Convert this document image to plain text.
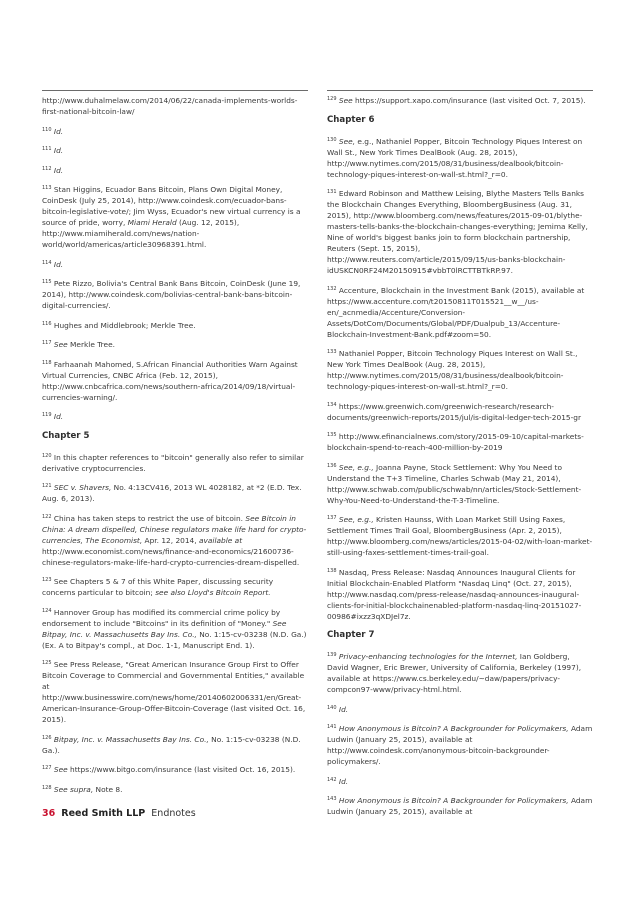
http://www.duhalmelaw.com/2014/06/22/canada-implements-worlds-first-national-bitcoin-law/
$^{110}$ Id.
$^{111}$ Id.
$^{112}$ Id.
$^{113}$ Stan Higgins, Ecuador Bans Bitcoin, Plans Own Digital Money, CoinDesk (July 25, 2014), http://www.coindesk.com/ecuador-bans-bitcoin-legislative-vote/; Jim Wyss, Ecuador's new virtual currency is a source of pride, worry, Miami Herald (Aug. 12, 2015), http://www.miamiherald.com/news/nation-world/world/americas/article30968391.html.
$^{114}$ Id.
$^{115}$ Pete Rizzo, Bolivia's Central Bank Bans Bitcoin, CoinDesk (June 19, 2014), http://www.coindesk.com/bolivias-central-bank-bans-bitcoin-digital-currencies/.
$^{116}$ Hughes and Middlebrook; Merkle Tree.
$^{117}$ See Merkle Tree.
$^{118}$ Farhaanah Mahomed, S.African Financial Authorities Warn Against Virtual Currencies, CNBC Africa (Feb. 12, 2015), http://www.cnbcafrica.com/news/southern-africa/2014/09/18/virtual-currencies-warning/.
$^{119}$ Id.
Chapter 5
$^{120}$ In this chapter references to "bitcoin" generally also refer to similar derivative cryptocurrencies.
$^{121}$ SEC v. Shavers, No. 4:13CV416, 2013 WL 4028182, at *2 (E.D. Tex. Aug. 6, 2013).
$^{122}$ China has taken steps to restrict the use of bitcoin. See Bitcoin in China: A dream dispelled, Chinese regulators make life hard for crypto-currencies, The Economist, Apr. 12, 2014, available at http://www.economist.com/news/finance-and-economics/21600736-chinese-regulators-make-life-hard-crypto-currencies-dream-dispelled.
$^{123}$ See Chapters 5 & 7 of this White Paper, discussing security concerns particular to bitcoin; see also Lloyd's Bitcoin Report.
$^{124}$ Hannover Group has modified its commercial crime policy by endorsement to include "Bitcoins" in its definition of "Money." See Bitpay, Inc. v. Massachusetts Bay Ins. Co., No. 1:15-cv-03238 (N.D. Ga.) (Ex. A to Bitpay's compl., at Doc. 1-1, Manuscript End. 1).
$^{125}$ See Press Release, "Great American Insurance Group First to Offer Bitcoin Coverage to Commercial and Governmental Entities," available at http://www.businesswire.com/news/home/20140602006331/en/Great-American-Insurance-Group-Offer-Bitcoin-Coverage (last visited Oct. 16, 2015).
$^{126}$ Bitpay, Inc. v. Massachusetts Bay Ins. Co., No. 1:15-cv-03238 (N.D. Ga.).
$^{127}$ See https://www.bitgo.com/insurance (last visited Oct. 16, 2015).
$^{128}$ See supra, Note 8.
$^{129}$ See https://support.xapo.com/insurance (last visited Oct. 7, 2015).
Chapter 6
$^{130}$ See, e.g., Nathaniel Popper, Bitcoin Technology Piques Interest on Wall St., New York Times DealBook (Aug. 28, 2015), http://www.nytimes.com/2015/08/31/business/dealbook/bitcoin-technology-piques-interest-on-wall-st.html?_r=0.
$^{131}$ Edward Robinson and Matthew Leising, Blythe Masters Tells Banks the Blockchain Changes Everything, BloombergBusiness (Aug. 31, 2015), http://www.bloomberg.com/news/features/2015-09-01/blythe-masters-tells-banks-the-blockchain-changes-everything; Jemima Kelly, Nine of world's biggest banks join to form blockchain partnership, Reuters (Sept. 15, 2015), http://www.reuters.com/article/2015/09/15/us-banks-blockchain-idUSKCN0RF24M20150915#vbbT0lRCTTBTkRP.97.
$^{132}$ Accenture, Blockchain in the Investment Bank (2015), available at https://www.accenture.com/t20150811T015521__w__/us-en/_acnmedia/Accenture/Conversion-Assets/DotCom/Documents/Global/PDF/Dualpub_13/Accenture-Blockchain-Investment-Bank.pdf#zoom=50.
$^{133}$ Nathaniel Popper, Bitcoin Technology Piques Interest on Wall St., New York Times DealBook (Aug. 28, 2015), http://www.nytimes.com/2015/08/31/business/dealbook/bitcoin-technology-piques-interest-on-wall-st.html?_r=0.
$^{134}$ https://www.greenwich.com/greenwich-research/research-documents/greenwich-reports/2015/jul/is-digital-ledger-tech-2015-gr
$^{135}$ http://www.efinancialnews.com/story/2015-09-10/capital-markets-blockchain-spend-to-reach-400-million-by-2019
$^{136}$ See, e.g., Joanna Payne, Stock Settlement: Why You Need to Understand the T+3 Timeline, Charles Schwab (May 21, 2014), http://www.schwab.com/public/schwab/nn/articles/Stock-Settlement-Why-You-Need-to-Understand-the-T-3-Timeline.
$^{137}$ See, e.g., Kristen Haunss, With Loan Market Still Using Faxes, Settlement Times Trail Goal, BloombergBusiness (Apr. 2, 2015), http://www.bloomberg.com/news/articles/2015-04-02/with-loan-market-still-using-faxes-settlement-times-trail-goal.
$^{138}$ Nasdaq, Press Release: Nasdaq Announces Inaugural Clients for Initial Blockchain-Enabled Platform "Nasdaq Linq" (Oct. 27, 2015), http://www.nasdaq.com/press-release/nasdaq-announces-inaugural-clients-for-initial-blockchainenabled-platform-nasdaq-linq-20151027-00986#ixzz3qXDJel7z.
Chapter 7
$^{139}$ Privacy-enhancing technologies for the Internet, Ian Goldberg, David Wagner, Eric Brewer, University of California, Berkeley (1997), available at https://www.cs.berkeley.edu/~daw/papers/privacy-compcon97-www/privacy-html.html.
$^{140}$ Id.
$^{141}$ How Anonymous is Bitcoin? A Backgrounder for Policymakers, Adam Ludwin (January 25, 2015), available at http://www.coindesk.com/anonymous-bitcoin-backgrounder-policymakers/.
$^{142}$ Id.
$^{143}$ How Anonymous is Bitcoin? A Backgrounder for Policymakers, Adam Ludwin (January 25, 2015), available at
36 Reed Smith LLP Endnotes
